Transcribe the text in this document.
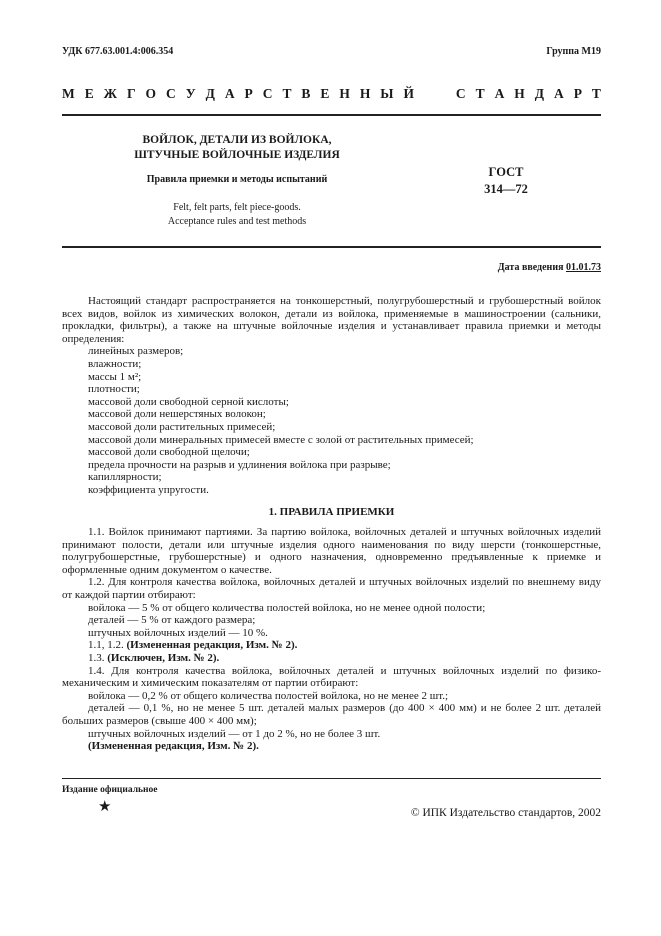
УДК 677.63.001.4:006.354	Группа М19
М Е Ж Г О С У Д А Р С Т В Е Н Н Ы Й	С Т А Н Д А Р Т
ВОЙЛОК, ДЕТАЛИ ИЗ ВОЙЛОКА,
ШТУЧНЫЕ ВОЙЛОЧНЫЕ ИЗДЕЛИЯ
Правила приемки и методы испытаний
Felt, felt parts, felt piece-goods.
Acceptance rules and test methods
ГОСТ
314—72
Дата введения 01.01.73

Настоящий стандарт распространяется на тонкошерстный, полугрубошерстный и грубошерстный войлок всех видов, войлок из химических волокон, детали из войлока, применяемые в машиностроении (сальники, прокладки, фильтры), а также на штучные войлочные изделия и устанавливает правила приемки и методы определения:

линейных размеров;

влажности;

массы 1 м²;

плотности;

массовой доли свободной серной кислоты;

массовой доли нешерстяных волокон;

массовой доли растительных примесей;

массовой доли минеральных примесей вместе с золой от растительных примесей;

массовой доли свободной щелочи;

предела прочности на разрыв и удлинения войлока при разрыве;

капиллярности;

коэффициента упругости.

1. ПРАВИЛА ПРИЕМКИ

1.1. Войлок принимают партиями. За партию войлока, войлочных деталей и штучных войлочных изделий принимают полости, детали или штучные изделия одного наименования по виду шерсти (тонкошерстные, полугрубошерстные, грубошерстные) и одного назначения, одновременно предъявленные к приемке и оформленные одним документом о качестве.

1.2. Для контроля качества войлока, войлочных деталей и штучных войлочных изделий по внешнему виду от каждой партии отбирают:

войлока — 5 % от общего количества полостей войлока, но не менее одной полости;

деталей — 5 % от каждого размера;

штучных войлочных изделий — 10 %.

1.1, 1.2. (Измененная редакция, Изм. № 2).

1.3. (Исключен, Изм. № 2).

1.4. Для контроля качества войлока, войлочных деталей и штучных войлочных изделий по физико-механическим и химическим показателям от партии отбирают:

войлока — 0,2 % от общего количества полостей войлока, но не менее 2 шт.;

деталей — 0,1 %, но не менее 5 шт. деталей малых размеров (до 400 × 400 мм) и не более 2 шт. деталей больших размеров (свыше 400 × 400 мм);

штучных войлочных изделий — от 1 до 2 %, но не более 3 шт.

(Измененная редакция, Изм. № 2).

Издание официальное
★	© ИПК Издательство стандартов, 2002
